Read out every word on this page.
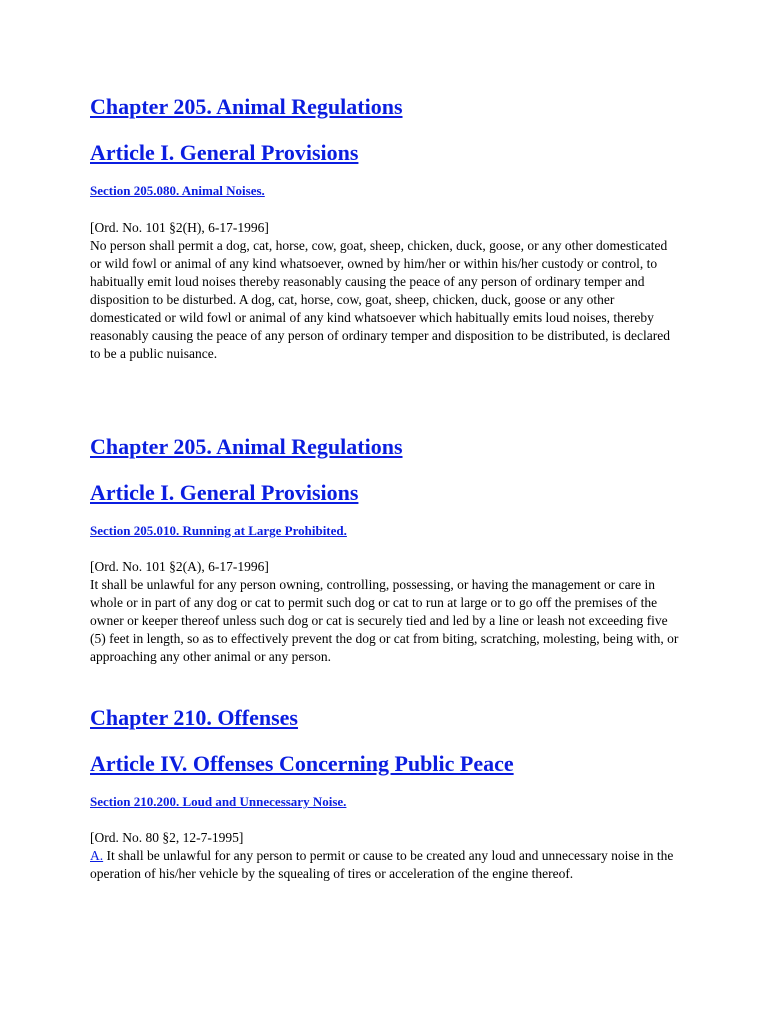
Chapter 205. Animal Regulations
Article I. General Provisions
Section 205.080. Animal Noises.
[Ord. No. 101 §2(H), 6-17-1996]
No person shall permit a dog, cat, horse, cow, goat, sheep, chicken, duck, goose, or any other domesticated or wild fowl or animal of any kind whatsoever, owned by him/her or within his/her custody or control, to habitually emit loud noises thereby reasonably causing the peace of any person of ordinary temper and disposition to be disturbed. A dog, cat, horse, cow, goat, sheep, chicken, duck, goose or any other domesticated or wild fowl or animal of any kind whatsoever which habitually emits loud noises, thereby reasonably causing the peace of any person of ordinary temper and disposition to be distributed, is declared to be a public nuisance.
Chapter 205. Animal Regulations
Article I. General Provisions
Section 205.010. Running at Large Prohibited.
[Ord. No. 101 §2(A), 6-17-1996]
It shall be unlawful for any person owning, controlling, possessing, or having the management or care in whole or in part of any dog or cat to permit such dog or cat to run at large or to go off the premises of the owner or keeper thereof unless such dog or cat is securely tied and led by a line or leash not exceeding five (5) feet in length, so as to effectively prevent the dog or cat from biting, scratching, molesting, being with, or approaching any other animal or any person.
Chapter 210. Offenses
Article IV. Offenses Concerning Public Peace
Section 210.200. Loud and Unnecessary Noise.
[Ord. No. 80 §2, 12-7-1995]
A. It shall be unlawful for any person to permit or cause to be created any loud and unnecessary noise in the operation of his/her vehicle by the squealing of tires or acceleration of the engine thereof.
